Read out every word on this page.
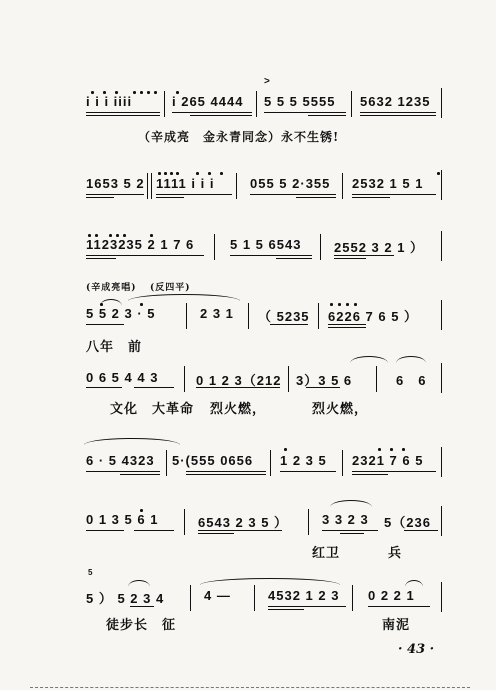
>
i i i iiii	i 265 4444 5 5 5 5555 5632 1235
（辛成亮　金永青同念）永不生锈!
1653 5 2 1111 i i i	055 5 2·355 2532 1 5 1
1123235 2 1 7 6	5 1 5 6543	2552 3 2 1 ）
(辛成亮唱) (反四平)
5 5 2 3 · 5	2 3 1 （ 5235 6226 7 6 5 ）
八年　前
0 6 5 4 4 3	0 1 2 3（212 3）3 5 6	6　6
文化　大革命 烈火燃，	烈火燃，
6 · 5 4323 5·(555 0656 1 2 3 5 2321 7 6 5
0 1 3 5 6 1	6543 2 3 5 ）	3 3 2 3 5（236
红卫	兵
5
5 ） 5 2 3 4	4 —	4532 1 2 3 0 2 2 1
徒步长　征	南泥
· 43 ·
